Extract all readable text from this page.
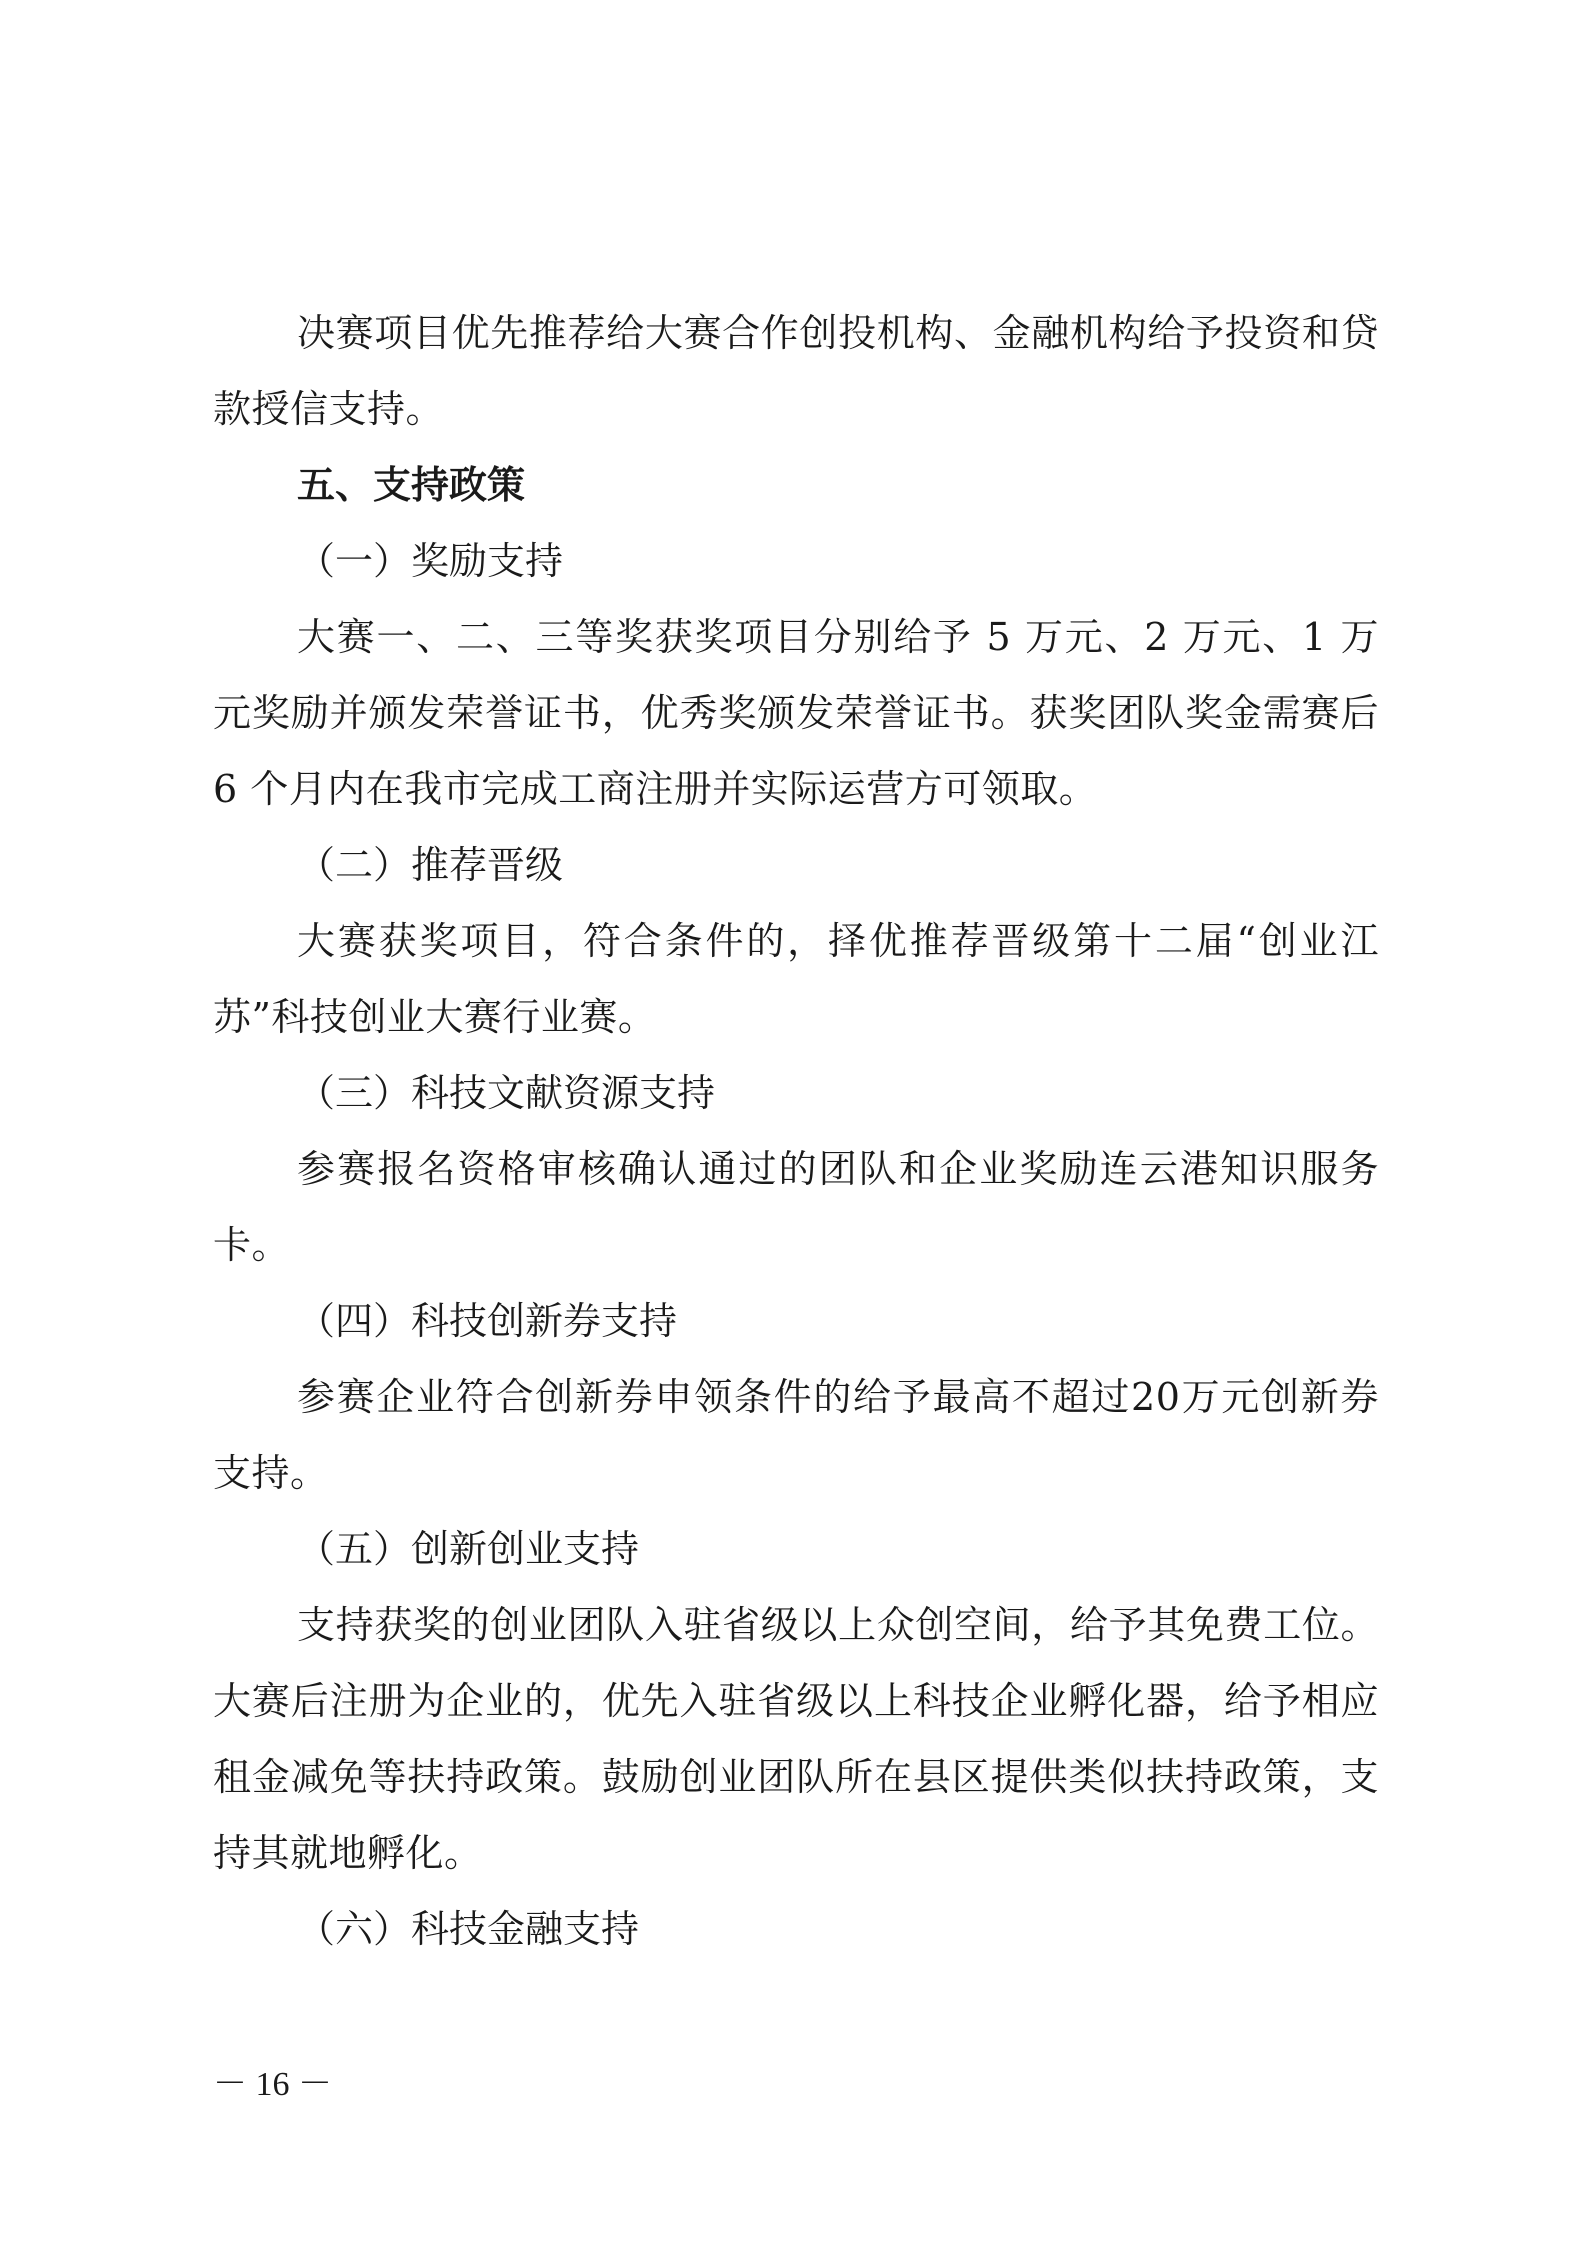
决赛项目优先推荐给大赛合作创投机构、金融机构给予投资和贷款授信支持。

五、支持政策

（一）奖励支持

大赛一、二、三等奖获奖项目分别给予 5 万元、2 万元、1 万元奖励并颁发荣誉证书，优秀奖颁发荣誉证书。获奖团队奖金需赛后 6 个月内在我市完成工商注册并实际运营方可领取。

（二）推荐晋级

大赛获奖项目，符合条件的，择优推荐晋级第十二届“创业江苏”科技创业大赛行业赛。

（三）科技文献资源支持

参赛报名资格审核确认通过的团队和企业奖励连云港知识服务卡。

（四）科技创新券支持

参赛企业符合创新券申领条件的给予最高不超过20万元创新券支持。

（五）创新创业支持

支持获奖的创业团队入驻省级以上众创空间，给予其免费工位。大赛后注册为企业的，优先入驻省级以上科技企业孵化器，给予相应租金减免等扶持政策。鼓励创业团队所在县区提供类似扶持政策，支持其就地孵化。

（六）科技金融支持

－ 16 －
